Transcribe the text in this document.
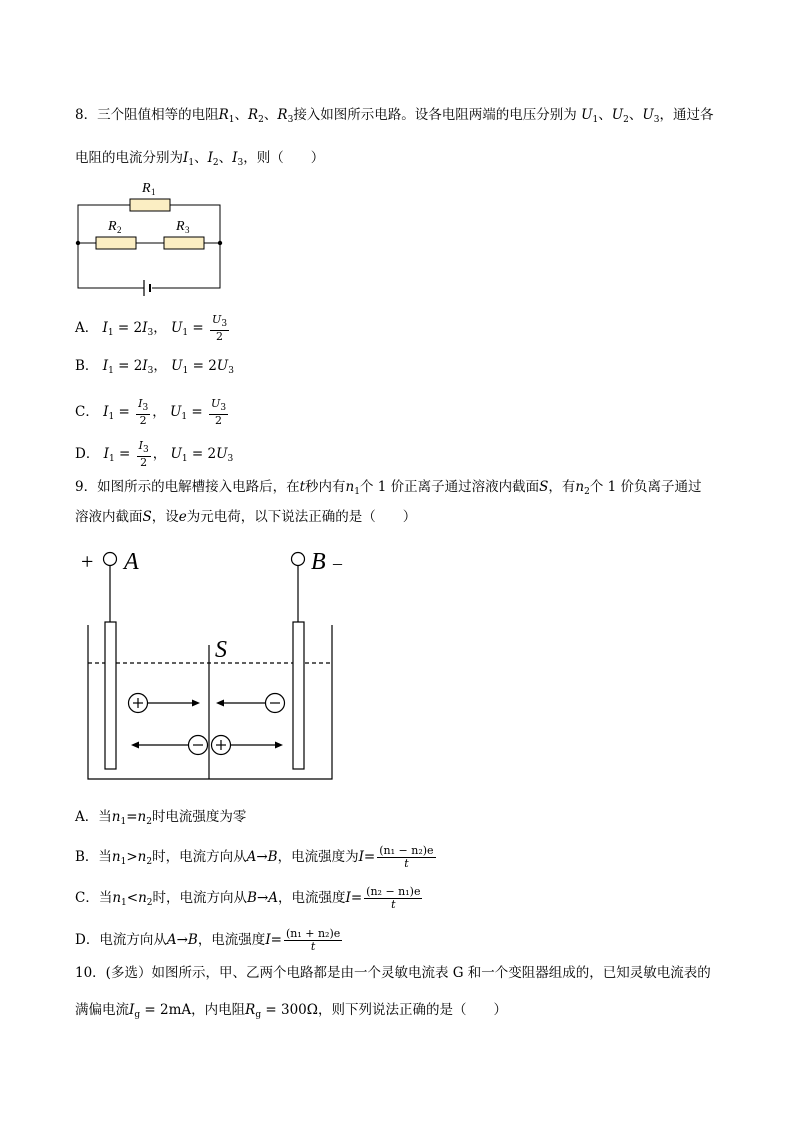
8．三个阻值相等的电阻$R_1$、$R_2$、$R_3$接入如图所示电路。设各电阻两端的电压分别为 $U_1$、$U_2$、$U_3$，通过各
电阻的电流分别为$I_1$、$I_2$、$I_3$，则（　　）
R 1
R 2	R 3
A． $I_1 = 2I_3$， $U_1 = \frac{U_3}{2}$
B． $I_1 = 2I_3$， $U_1 = 2U_3$
C． $I_1 = \frac{I_3}{2}$ ， $U_1 = \frac{U_3}{2}$
D． $I_1 = \frac{I_3}{2}$ ， $U_1 = 2U_3$
9．如图所示的电解槽接入电路后，在t秒内有$n_1$个 1 价正离子通过溶液内截面S，有$n_2$个 1 价负离子通过
溶液内截面S，设e为元电荷，以下说法正确的是（　　）
+ A	B –
S
A．当$n_1=n_2$时电流强度为零
B．当$n_1>n_2$时，电流方向从A→B，电流强度为$I= \frac{\text{(n₁ − n₂)e}}{t}$
C．当$n_1<n_2$时，电流方向从B→A，电流强度$I= \frac{\text{(n₂ − n₁)e}}{t}$
D．电流方向从A→B，电流强度$I= \frac{\text{(n₁ + n₂)e}}{t}$
10．(多选）如图所示，甲、乙两个电路都是由一个灵敏电流表 G 和一个变阻器组成的，已知灵敏电流表的
满偏电流$I_g = 2mA$，内电阻$R_g = 300\Omega$，则下列说法正确的是（　　）
